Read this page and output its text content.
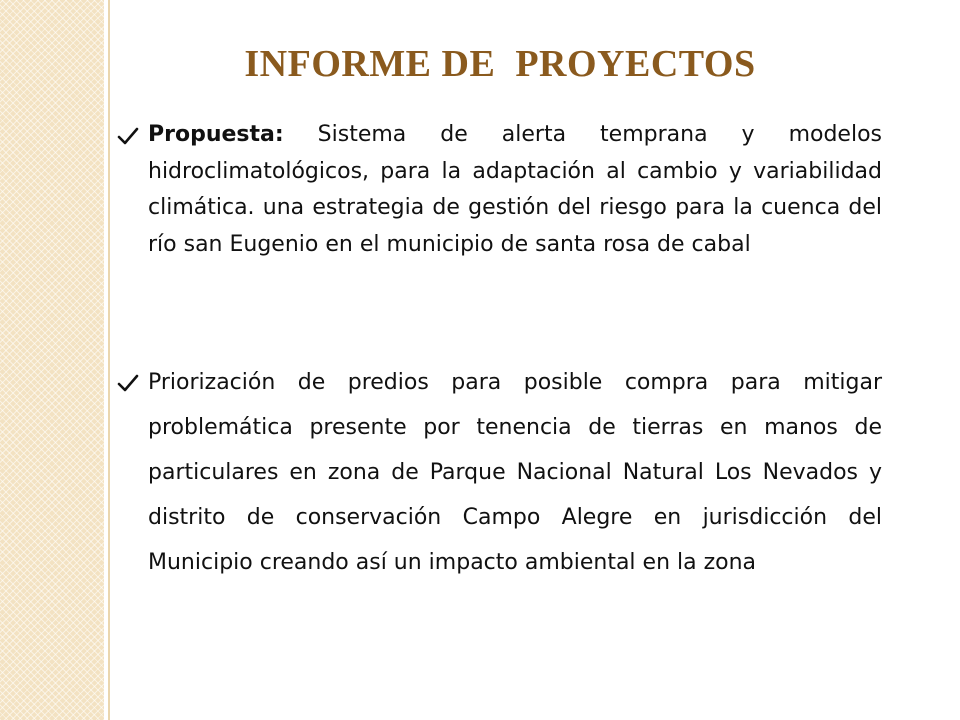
INFORME DE  PROYECTOS
Propuesta: Sistema de alerta temprana y modelos hidroclimatológicos, para la adaptación al cambio y variabilidad climática. una estrategia de gestión del riesgo para la cuenca del río san Eugenio en el municipio de santa rosa de cabal
Priorización de predios para posible compra para mitigar problemática presente por tenencia de tierras en manos de particulares en zona de Parque Nacional Natural Los Nevados y distrito de conservación Campo Alegre en jurisdicción del Municipio creando así un impacto ambiental en la zona
